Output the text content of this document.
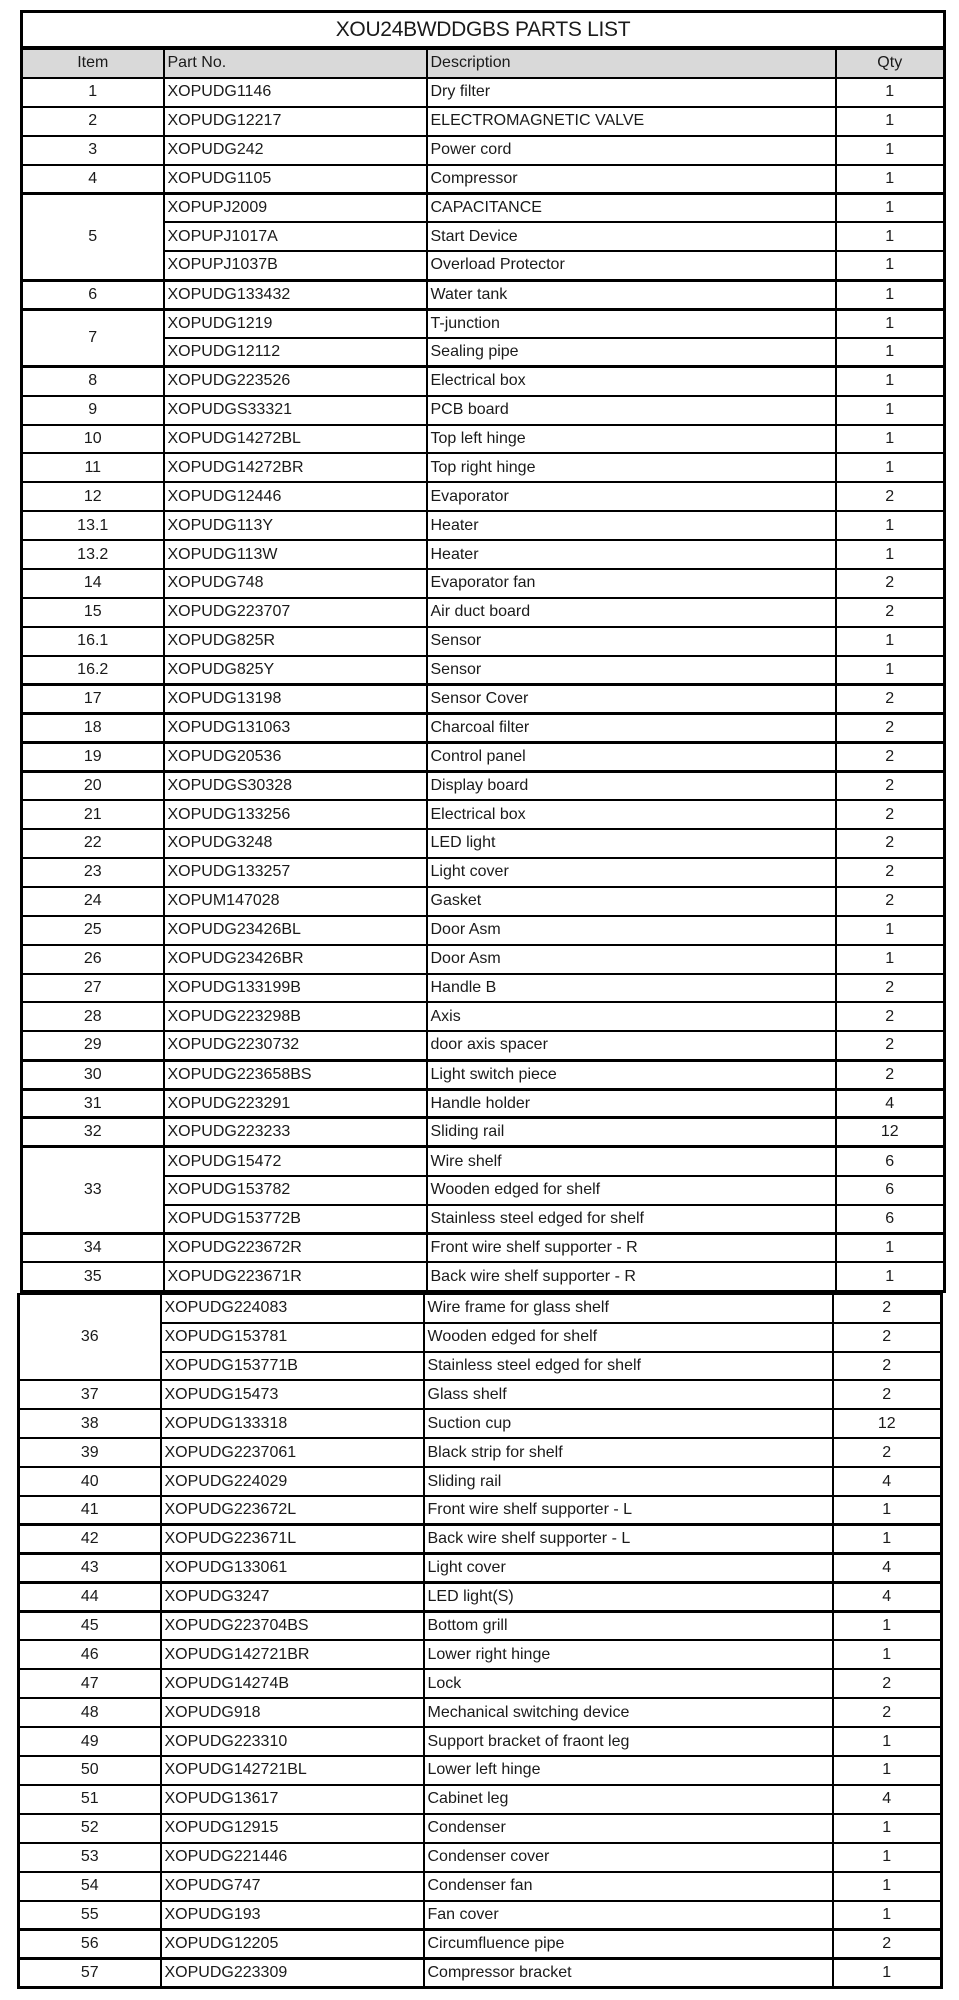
XOU24BWDDGBS PARTS LIST
Item	Part No.	Description	Qty
1	XOPUDG1146	Dry filter	1
2	XOPUDG12217	ELECTROMAGNETIC VALVE	1
3	XOPUDG242	Power cord	1
4	XOPUDG1105	Compressor	1
5	XOPUPJ2009	CAPACITANCE	1
	XOPUPJ1017A	Start Device	1
	XOPUPJ1037B	Overload Protector	1
6	XOPUDG133432	Water tank	1
7	XOPUDG1219	T-junction	1
	XOPUDG12112	Sealing pipe	1
8	XOPUDG223526	Electrical box	1
9	XOPUDGS33321	PCB board	1
10	XOPUDG14272BL	Top left hinge	1
11	XOPUDG14272BR	Top right hinge	1
12	XOPUDG12446	Evaporator	2
13.1	XOPUDG113Y	Heater	1
13.2	XOPUDG113W	Heater	1
14	XOPUDG748	Evaporator fan	2
15	XOPUDG223707	Air duct board	2
16.1	XOPUDG825R	Sensor	1
16.2	XOPUDG825Y	Sensor	1
17	XOPUDG13198	Sensor Cover	2
18	XOPUDG131063	Charcoal filter	2
19	XOPUDG20536	Control panel	2
20	XOPUDGS30328	Display board	2
21	XOPUDG133256	Electrical box	2
22	XOPUDG3248	LED light	2
23	XOPUDG133257	Light cover	2
24	XOPUM147028	Gasket	2
25	XOPUDG23426BL	Door Asm	1
26	XOPUDG23426BR	Door Asm	1
27	XOPUDG133199B	Handle B	2
28	XOPUDG223298B	Axis	2
29	XOPUDG2230732	door axis spacer	2
30	XOPUDG223658BS	Light switch piece	2
31	XOPUDG223291	Handle holder	4
32	XOPUDG223233	Sliding rail	12
33	XOPUDG15472	Wire shelf	6
	XOPUDG153782	Wooden edged for shelf	6
	XOPUDG153772B	Stainless steel edged for shelf	6
34	XOPUDG223672R	Front wire shelf supporter - R	1
35	XOPUDG223671R	Back wire shelf supporter - R	1
36	XOPUDG224083	Wire frame for glass shelf	2
	XOPUDG153781	Wooden edged for shelf	2
	XOPUDG153771B	Stainless steel edged for shelf	2
37	XOPUDG15473	Glass shelf	2
38	XOPUDG133318	Suction cup	12
39	XOPUDG2237061	Black strip for shelf	2
40	XOPUDG224029	Sliding rail	4
41	XOPUDG223672L	Front wire shelf supporter - L	1
42	XOPUDG223671L	Back wire shelf supporter - L	1
43	XOPUDG133061	Light cover	4
44	XOPUDG3247	LED light(S)	4
45	XOPUDG223704BS	Bottom grill	1
46	XOPUDG142721BR	Lower right hinge	1
47	XOPUDG14274B	Lock	2
48	XOPUDG918	Mechanical switching device	2
49	XOPUDG223310	Support bracket of fraont leg	1
50	XOPUDG142721BL	Lower left hinge	1
51	XOPUDG13617	Cabinet leg	4
52	XOPUDG12915	Condenser	1
53	XOPUDG221446	Condenser cover	1
54	XOPUDG747	Condenser fan	1
55	XOPUDG193	Fan cover	1
56	XOPUDG12205	Circumfluence pipe	2
57	XOPUDG223309	Compressor bracket	1
